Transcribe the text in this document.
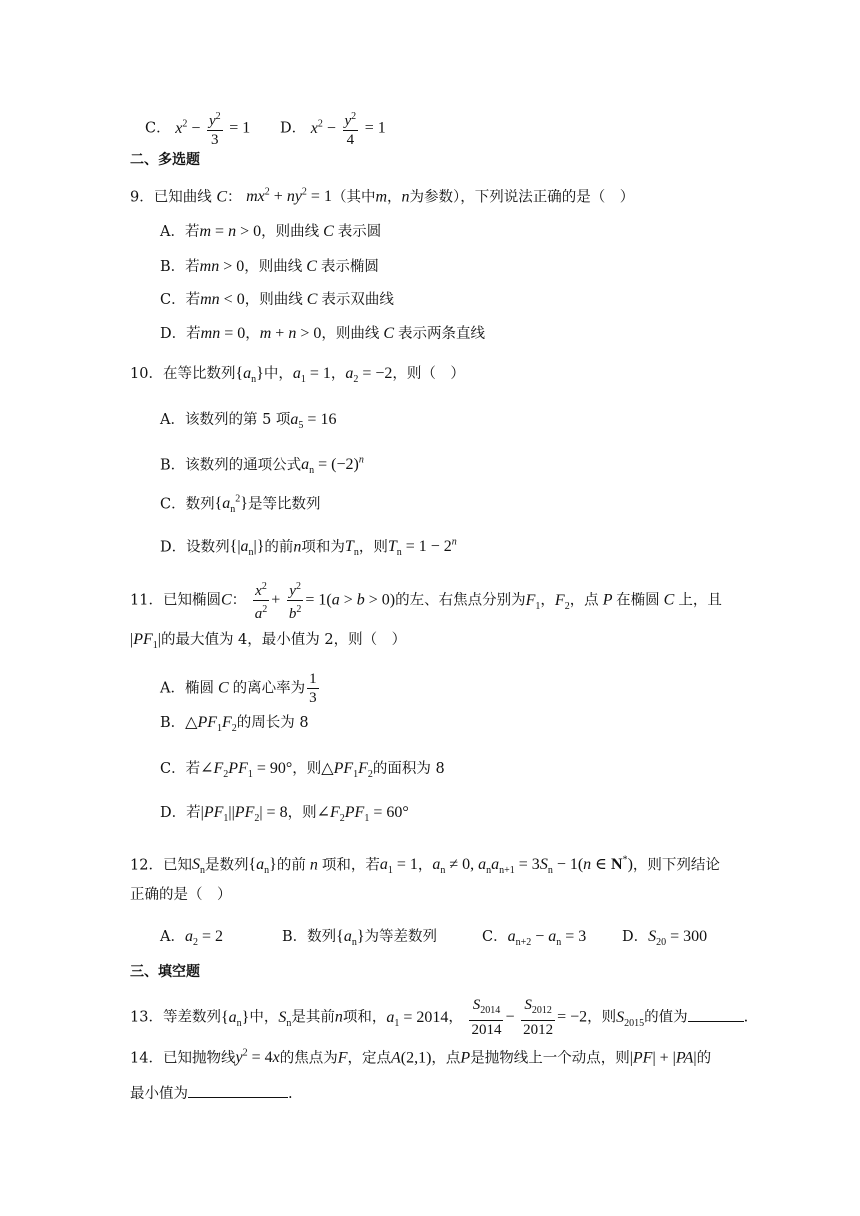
C． $x^2 - \frac{y^2}{3} = 1$ D． $x^2 - \frac{y^2}{4} = 1$
二、多选题
9．已知曲线 C： $mx^2 + ny^2 = 1$（其中m，n为参数），下列说法正确的是（　）
A．若m = n > 0，则曲线 C 表示圆
B．若mn > 0，则曲线 C 表示椭圆
C．若mn < 0，则曲线 C 表示双曲线
D．若mn = 0，m + n > 0，则曲线 C 表示两条直线
10．在等比数列$\{a_n\}$中，$a_1 = 1$，$a_2 = -2$，则（　）
A．该数列的第 5 项$a_5 = 16$
B．该数列的通项公式$a_n = (-2)^n$
C．数列$\{a_n^2\}$是等比数列
D．设数列$\{|a_n|\}$的前n项和为$T_n$，则$T_n = 1 - 2^n$
11．已知椭圆C： $\frac{x^2}{a^2} + \frac{y^2}{b^2} = 1(a > b > 0)$的左、右焦点分别为$F_1$，$F_2$，点 P 在椭圆 C 上，且
$|PF_1|$的最大值为 4，最小值为 2，则（　）
A．椭圆 C 的离心率为 $\frac{1}{3}$
B．$\triangle PF_1F_2$的周长为 8
C．若$\angle F_2PF_1 = 90^\circ$，则$\triangle PF_1F_2$的面积为 8
D．若$|PF_1||PF_2| = 8$，则$\angle F_2PF_1 = 60^\circ$
12．已知$S_n$是数列$\{a_n\}$的前 n 项和，若$a_1 = 1$，$a_n \ne 0$, $a_na_{n+1} = 3S_n - 1(n$ ∈ N*)，则下列结论
正确的是（　）
A．$a_2 = 2$	B．数列$\{a_n\}$为等差数列	C．$a_{n+2} - a_n = 3$ D．$S_{20} = 300$
三、填空题
13．等差数列$\{a_n\}$中，$S_n$是其前n项和，$a_1 = 2014$， $\frac{S_{2014}}{2014} - \frac{S_{2012}}{2012} = -2$，则$S_{2015}$的值为	.
14．已知抛物线$y^2 = 4x$的焦点为F，定点A(2,1)，点P是抛物线上一个动点，则|PF| + |PA|的
最小值为	.
